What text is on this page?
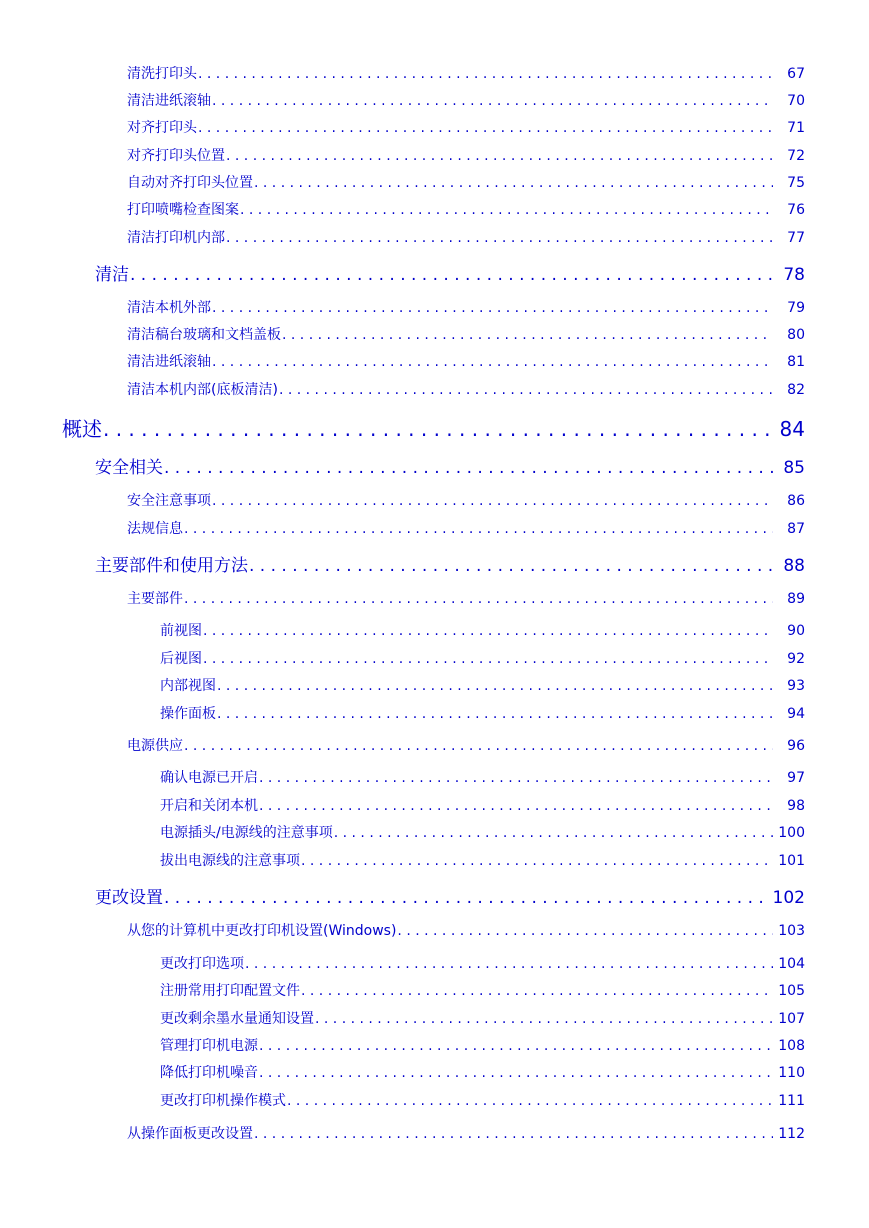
清洗打印头 . . .	67
清洁进纸滚轴 . . .	70
对齐打印头 . . .	71
对齐打印头位置 . . .	72
自动对齐打印头位置 . . .	75
打印喷嘴检查图案 . . .	76
清洁打印机内部 . . .	77
清洁 . . .	78
清洁本机外部 . . .	79
清洁稿台玻璃和文档盖板 . . .	80
清洁进纸滚轴 . . .	81
清洁本机内部(底板清洁) . . .	82
概述 . . .	84
安全相关 . . .	85
安全注意事项 . . .	86
法规信息 . . .	87
主要部件和使用方法 . . .	88
主要部件 . . .	89
前视图 . . .	90
后视图 . . .	92
内部视图 . . .	93
操作面板 . . .	94
电源供应 . . .	96
确认电源已开启 . . .	97
开启和关闭本机 . . .	98
电源插头/电源线的注意事项 . . .	100
拔出电源线的注意事项 . . .	101
更改设置 . . .	102
从您的计算机中更改打印机设置(Windows) . . .	103
更改打印选项 . . .	104
注册常用打印配置文件 . . .	105
更改剩余墨水量通知设置 . . .	107
管理打印机电源 . . .	108
降低打印机噪音 . . .	110
更改打印机操作模式 . . .	111
从操作面板更改设置 . . .	112
